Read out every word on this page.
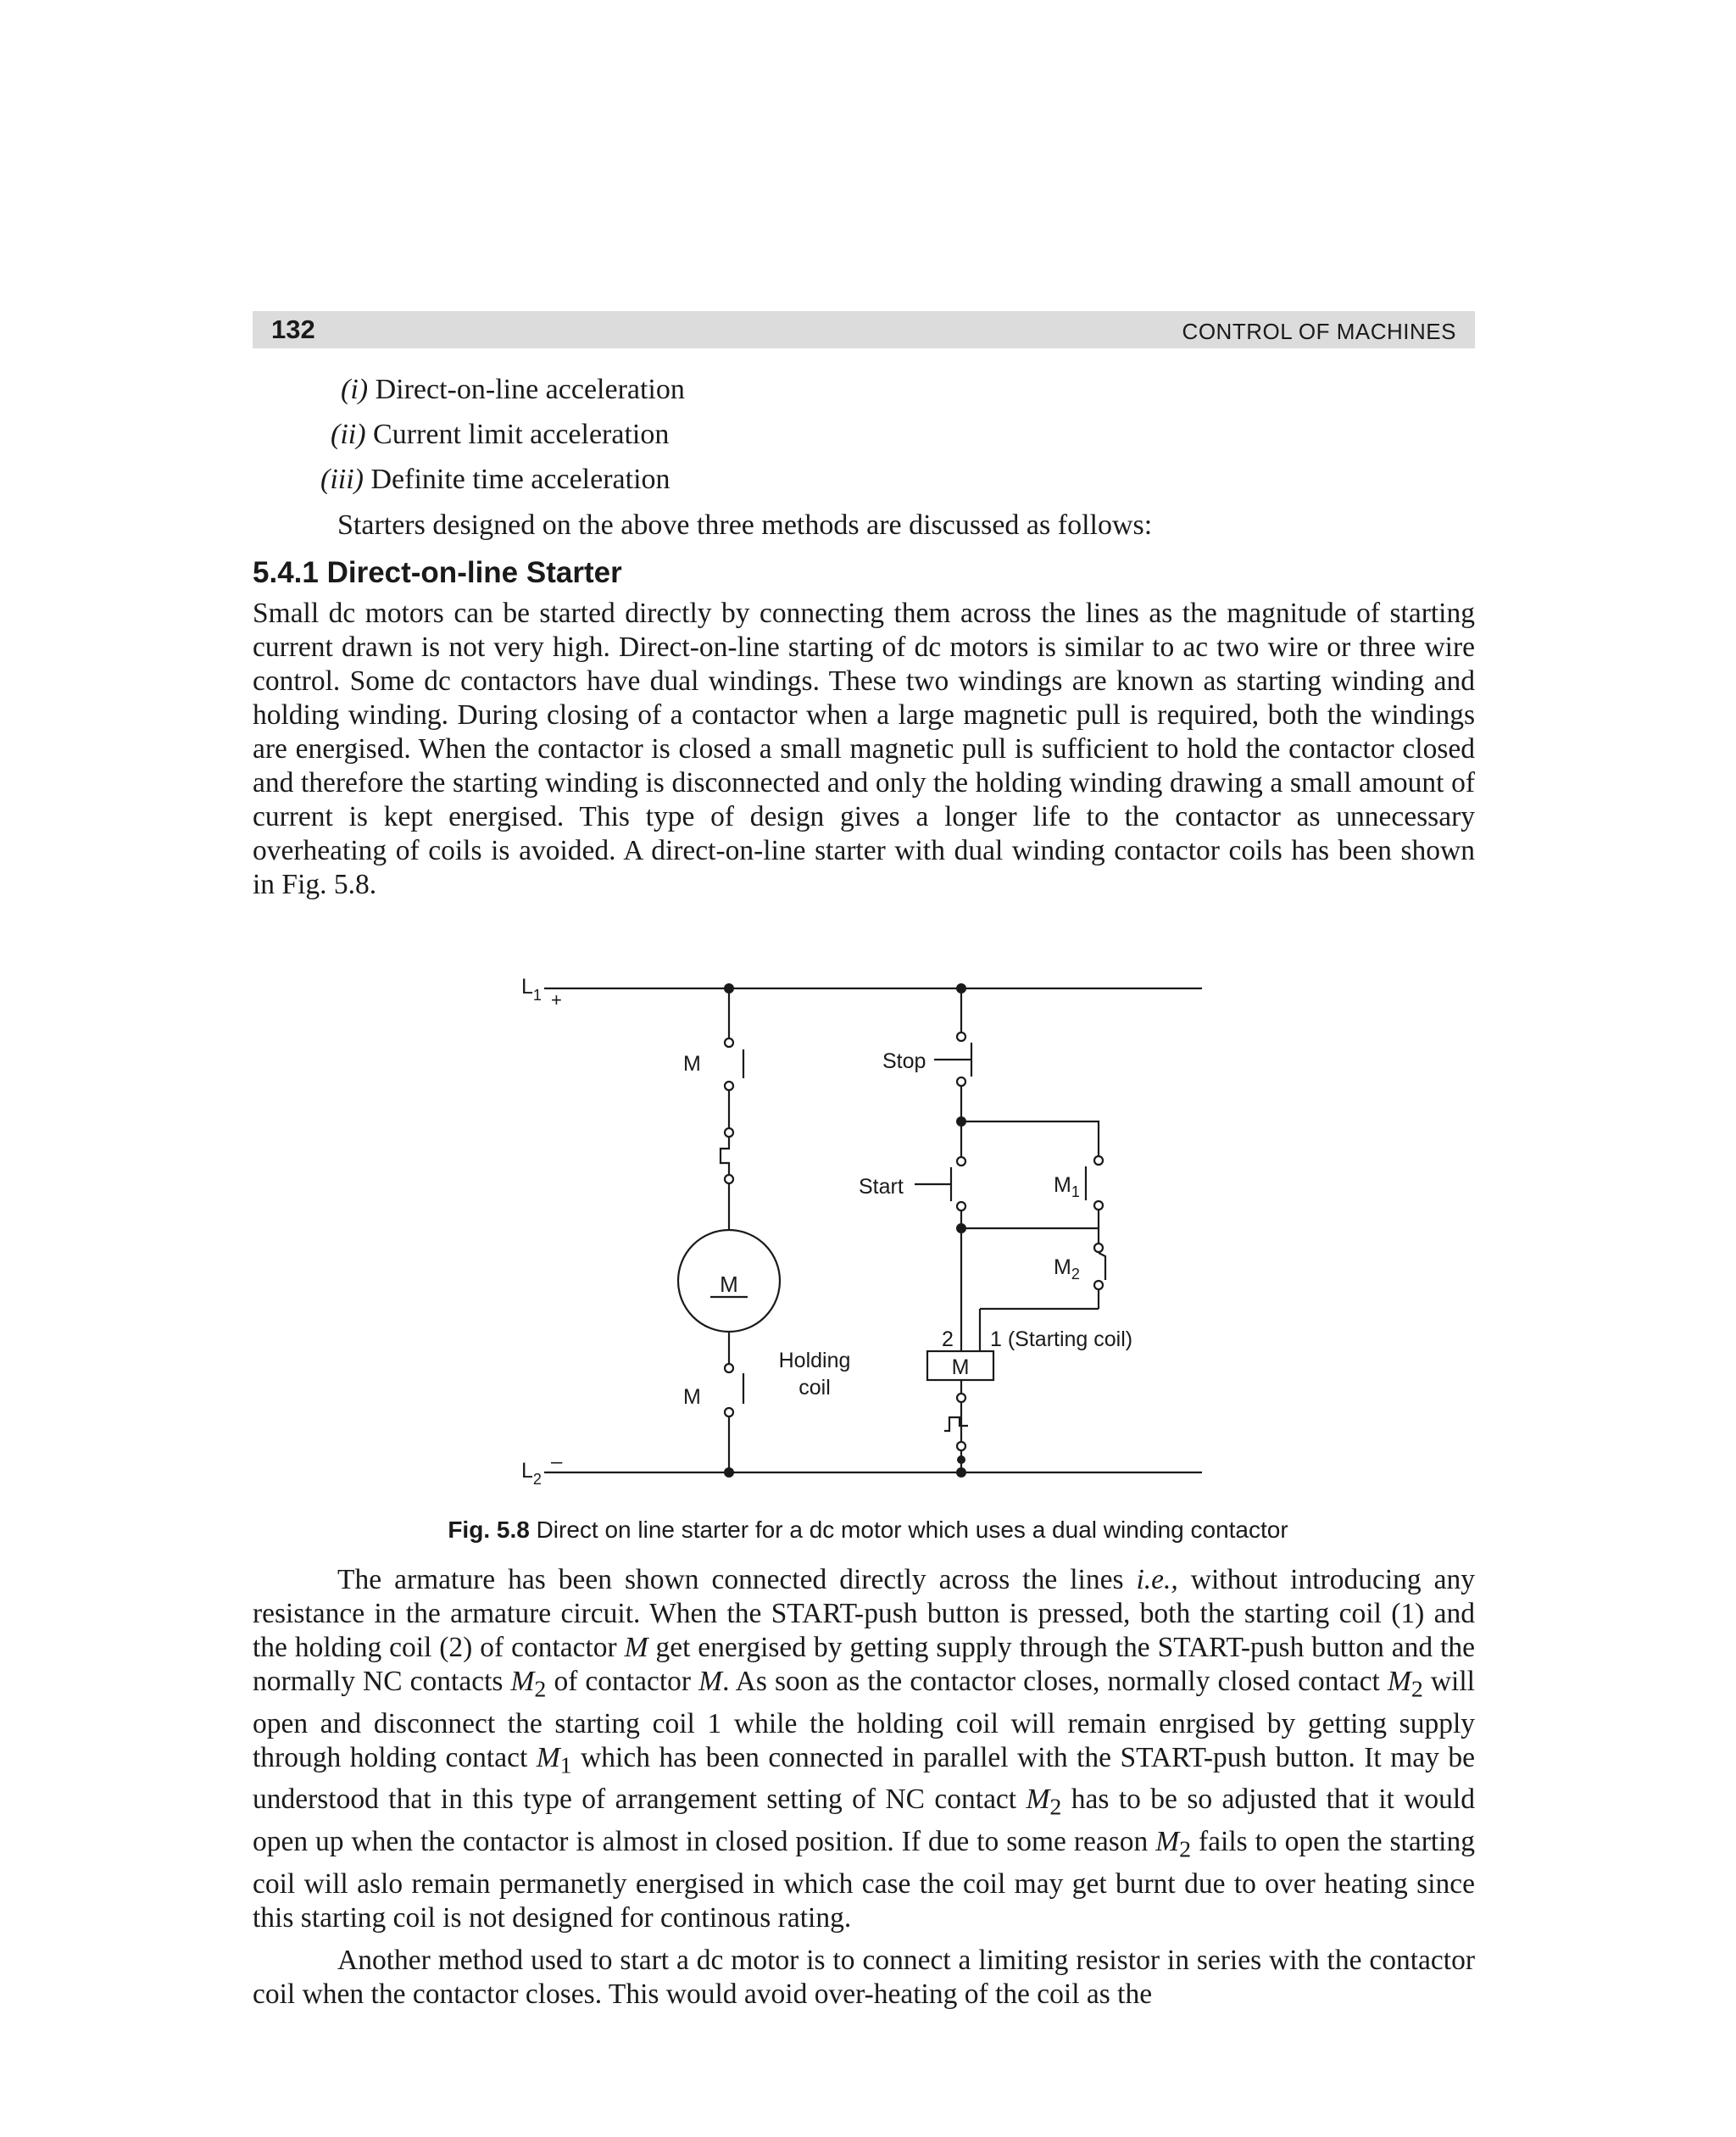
132	CONTROL OF MACHINES
(i) Direct-on-line acceleration
(ii) Current limit acceleration
(iii) Definite time acceleration
Starters designed on the above three methods are discussed as follows:
5.4.1 Direct-on-line Starter

Small dc motors can be started directly by connecting them across the lines as the magnitude of starting current drawn is not very high. Direct-on-line starting of dc motors is similar to ac two wire or three wire control. Some dc contactors have dual windings. These two windings are known as starting winding and holding winding. During closing of a contactor when a large magnetic pull is required, both the windings are energised. When the contactor is closed a small magnetic pull is sufficient to hold the contactor closed and therefore the starting winding is disconnected and only the holding winding drawing a small amount of current is kept energised. This type of design gives a longer life to the contactor as unnecessary overheating of coils is avoided. A direct-on-line starter with dual winding contactor coils has been shown in Fig. 5.8.

$L_1$ +
$L_2$
–
M	Stop
Start	$M_1$
$M_2$
M
Holding
coil
2 1 (Starting coil)
M
M
Fig. 5.8 Direct on line starter for a dc motor which uses a dual winding contactor

The armature has been shown connected directly across the lines i.e., without introducing any resistance in the armature circuit. When the START-push button is pressed, both the starting coil (1) and the holding coil (2) of contactor M get energised by getting supply through the START-push button and the normally NC contacts $M_2$ of contactor M. As soon as the contactor closes, normally closed contact $M_2$ will open and disconnect the starting coil 1 while the holding coil will remain enrgised by getting supply through holding contact $M_1$ which has been connected in parallel with the START-push button. It may be understood that in this type of arrangement setting of NC contact $M_2$ has to be so adjusted that it would open up when the contactor is almost in closed position. If due to some reason $M_2$ fails to open the starting coil will aslo remain permanetly energised in which case the coil may get burnt due to over heating since this starting coil is not designed for continous rating.

Another method used to start a dc motor is to connect a limiting resistor in series with the contactor coil when the contactor closes. This would avoid over-heating of the coil as the
